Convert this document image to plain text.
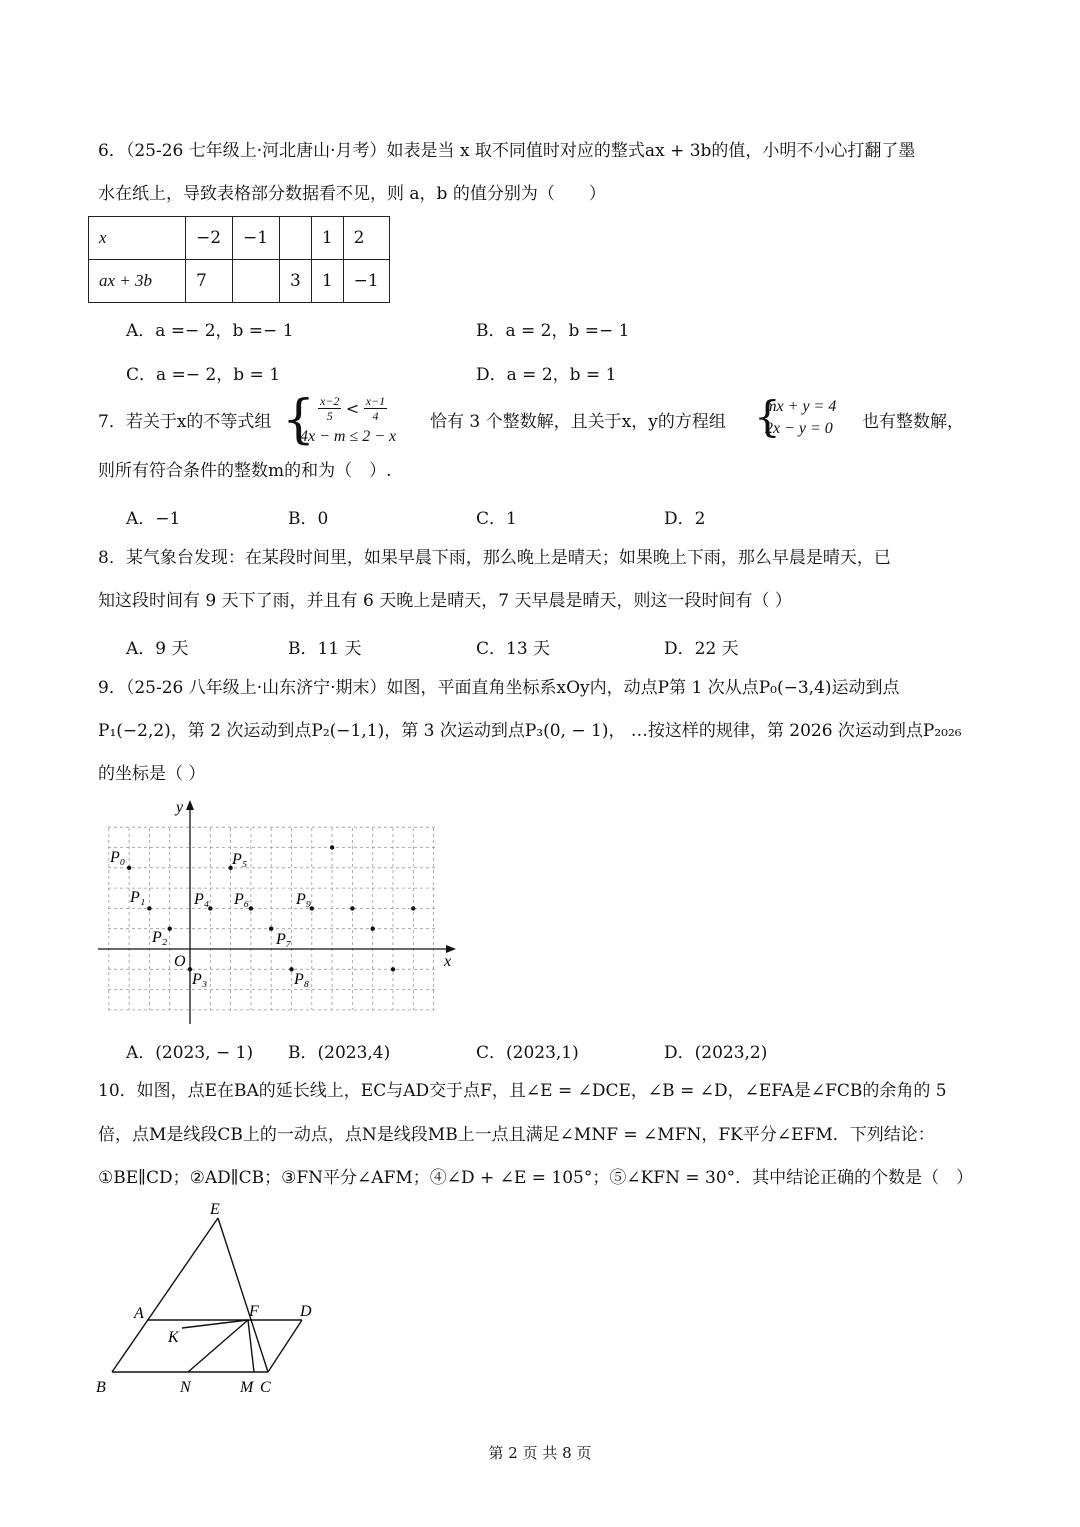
6．（25-26 七年级上·河北唐山·月考）如表是当 x 取不同值时对应的整式ax + 3b的值，小明不小心打翻了墨
水在纸上，导致表格部分数据看不见，则 a，b 的值分别为（　　）
x	−2	−1		1	2
ax + 3b	7		3	1	−1
A．a =− 2，b =− 1	B．a = 2，b =− 1
C．a =− 2，b = 1	D．a = 2，b = 1
7．若关于x的不等式组 { $\frac{x-2}{5} < \frac{x-1}{4}$
4x − m ≤ 2 − x
恰有 3 个整数解，且关于x，y的方程组 {
mx + y = 4
2x − y = 0 也有整数解，
则所有符合条件的整数m的和为（　）.
A．−1	B．0	C．1	D．2
8．某气象台发现：在某段时间里，如果早晨下雨，那么晚上是晴天；如果晚上下雨，那么早晨是晴天，已
知这段时间有 9 天下了雨，并且有 6 天晚上是晴天，7 天早晨是晴天，则这一段时间有（ ）
A．9 天	B．11 天	C．13 天	D．22 天
9．（25-26 八年级上·山东济宁·期末）如图，平面直角坐标系xOy内，动点P第 1 次从点P₀(−3,4)运动到点
P₁(−2,2)，第 2 次运动到点P₂(−1,1)，第 3 次运动到点P₃(0, − 1)， …按这样的规律，第 2026 次运动到点P₂₀₂₆
的坐标是（ ）
y
x
O
P₀
P₁
P₂
P₃
P₄
P₅
P₆
P₇
P₈
P₉
A．(2023, − 1) B．(2023,4)	C．(2023,1)	D．(2023,2)
10．如图，点E在BA的延长线上，EC与AD交于点F，且∠E = ∠DCE，∠B = ∠D，∠EFA是∠FCB的余角的 5
倍，点M是线段CB上的一动点，点N是线段MB上一点且满足∠MNF = ∠MFN，FK平分∠EFM．下列结论：
①BE∥CD；②AD∥CB；③FN平分∠AFM；④∠D + ∠E = 105°；⑤∠KFN = 30°．其中结论正确的个数是（　）
E
A	F	D
K
B	N	M C
第 2 页 共 8 页
